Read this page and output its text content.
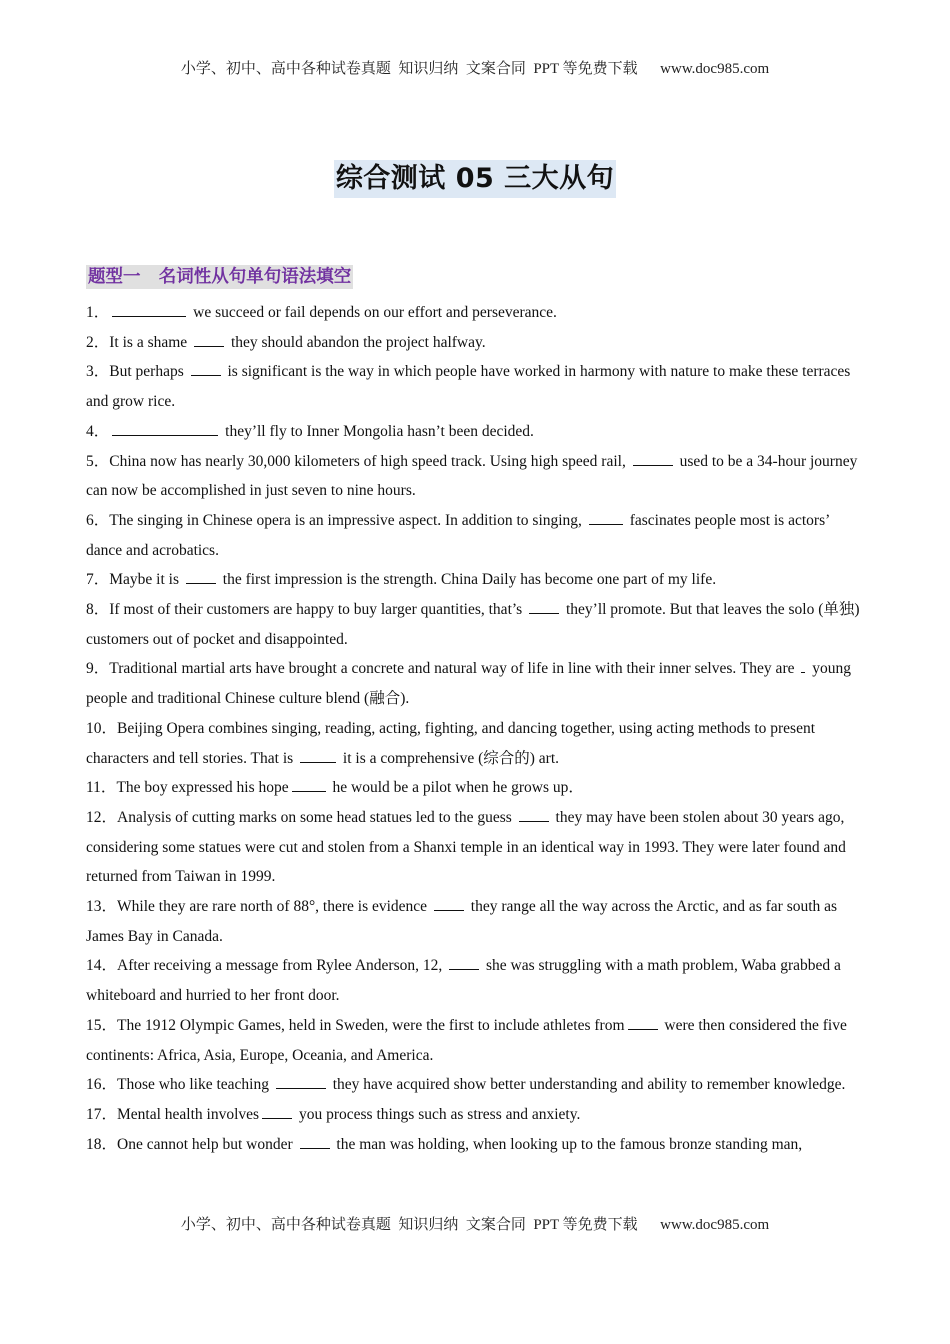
小学、初中、高中各种试卷真题  知识归纳  文案合同  PPT 等免费下载      www.doc985.com
综合测试 05 三大从句
题型一   名词性从句单句语法填空

1．	we succeed or fail depends on our effort and perseverance.

2．It is a shame  they should abandon the project halfway.

3．But perhaps  is significant is the way in which people have worked in harmony with nature to make these terraces and grow rice.

4．	they’ll fly to Inner Mongolia hasn’t been decided.

5．China now has nearly 30,000 kilometers of high speed track. Using high speed rail,	used to be a 34-hour journey can now be accomplished in just seven to nine hours.

6．The singing in Chinese opera is an impressive aspect. In addition to singing,	fascinates people most is actors’ dance and acrobatics.

7．Maybe it is  the first impression is the strength. China Daily has become one part of my life.

8．If most of their customers are happy to buy larger quantities, that’s  they’ll promote. But that leaves the solo (单独) customers out of pocket and disappointed.

9．Traditional martial arts have brought a concrete and natural way of life in line with their inner selves. They are  young people and traditional Chinese culture blend (融合).

10．Beijing Opera combines singing, reading, acting, fighting, and dancing together, using acting methods to present characters and tell stories. That is	it is a comprehensive (综合的) art.

11．The boy expressed his hope	he would be a pilot when he grows up．

12．Analysis of cutting marks on some head statues led to the guess  they may have been stolen about 30 years ago, considering some statues were cut and stolen from a Shanxi temple in an identical way in 1993. They were later found and returned from Taiwan in 1999.

13．While they are rare north of 88°, there is evidence  they range all the way across the Arctic, and as far south as James Bay in Canada.

14．After receiving a message from Rylee Anderson, 12,  she was struggling with a math problem, Waba grabbed a whiteboard and hurried to her front door.

15．The 1912 Olympic Games, held in Sweden, were the first to include athletes from were then considered the five continents: Africa, Asia, Europe, Oceania, and America.

16．Those who like teaching	they have acquired show better understanding and ability to remember knowledge.

17．Mental health involves you process things such as stress and anxiety.

18．One cannot help but wonder  the man was holding, when looking up to the famous bronze standing man,

小学、初中、高中各种试卷真题  知识归纳  文案合同  PPT 等免费下载      www.doc985.com
